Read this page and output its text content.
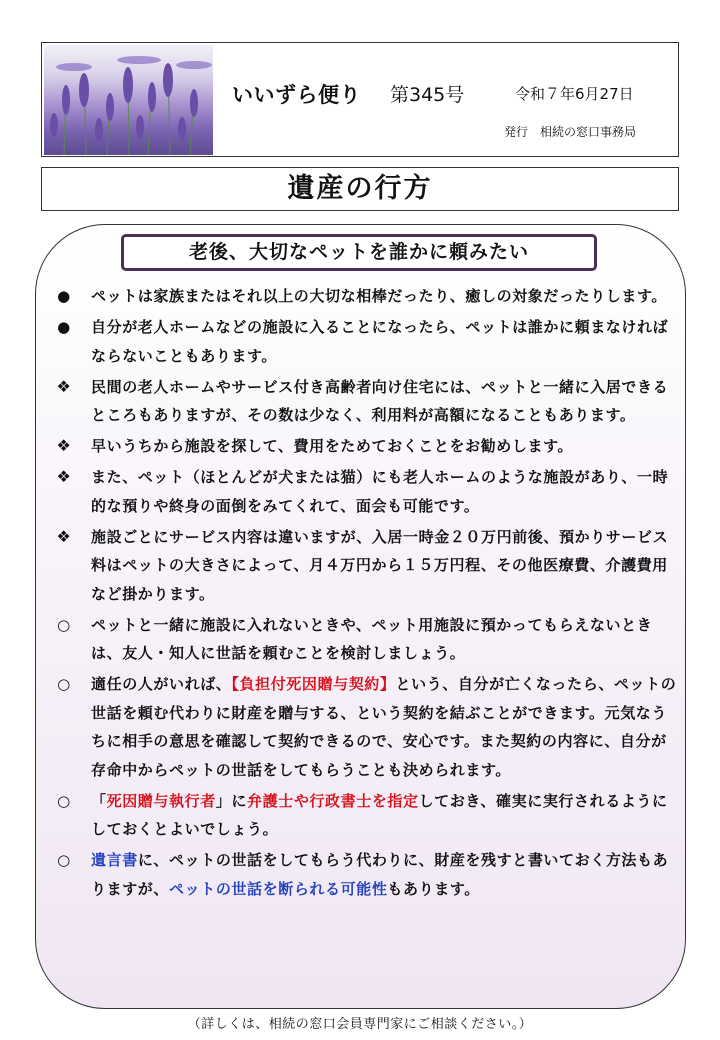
いいずら便り 第345号	令和７年6月27日
発行　相続の窓口事務局
遺産の行方
老後、大切なペットを誰かに頼みたい
●	ペットは家族またはそれ以上の大切な相棒だったり、癒しの対象だったりします。
●	自分が老人ホームなどの施設に入ることになったら、ペットは誰かに頼まなければならないこともあります。
❖	民間の老人ホームやサービス付き高齢者向け住宅には、ペットと一緒に入居できるところもありますが、その数は少なく、利用料が高額になることもあります。
❖	早いうちから施設を探して、費用をためておくことをお勧めします。
❖	また、ペット（ほとんどが犬または猫）にも老人ホームのような施設があり、一時的な預りや終身の面倒をみてくれて、面会も可能です。
❖	施設ごとにサービス内容は違いますが、入居一時金２０万円前後、預かりサービス料はペットの大きさによって、月４万円から１５万円程、その他医療費、介護費用など掛かります。
○	ペットと一緒に施設に入れないときや、ペット用施設に預かってもらえないときは、友人・知人に世話を頼むことを検討しましょう。
○	適任の人がいれば、【負担付死因贈与契約】という、自分が亡くなったら、ペットの世話を頼む代わりに財産を贈与する、という契約を結ぶことができます。元気なうちに相手の意思を確認して契約できるので、安心です。また契約の内容に、自分が存命中からペットの世話をしてもらうことも決められます。
○	「死因贈与執行者」に弁護士や行政書士を指定しておき、確実に実行されるようにしておくとよいでしょう。
○	遺言書に、ペットの世話をしてもらう代わりに、財産を残すと書いておく方法もありますが、ペットの世話を断られる可能性もあります。
（詳しくは、相続の窓口会員専門家にご相談ください。）
